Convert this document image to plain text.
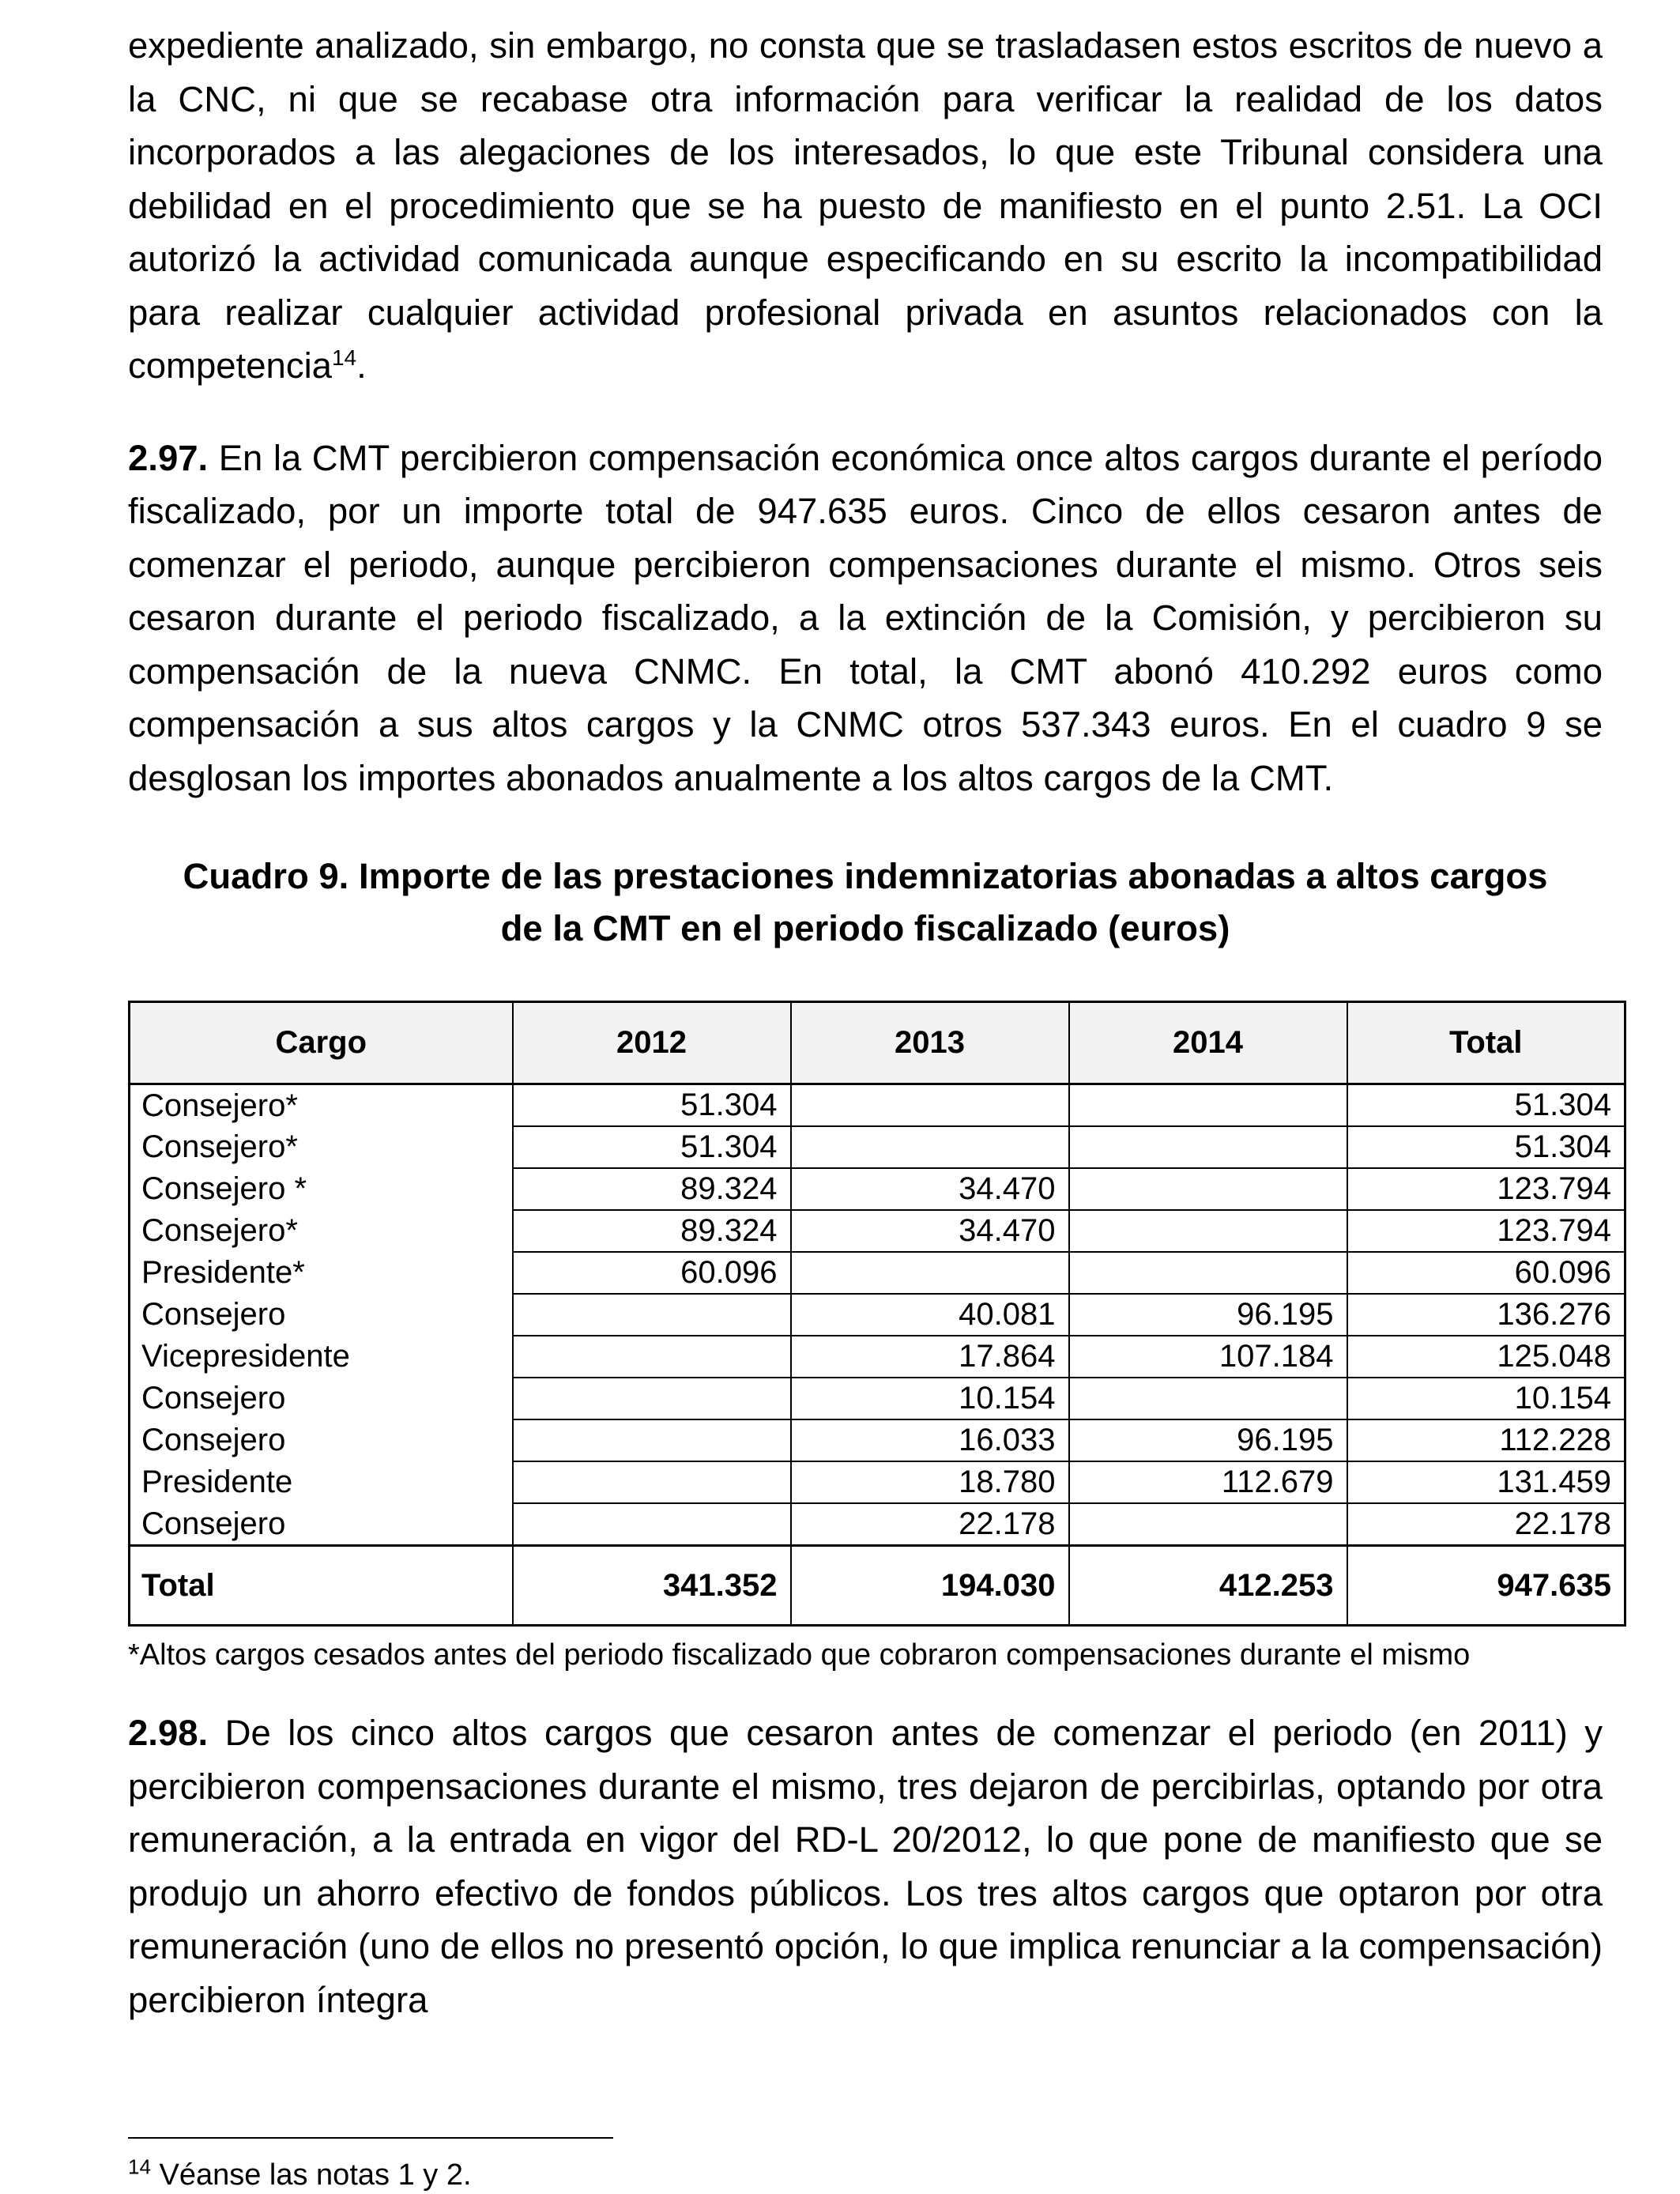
expediente analizado, sin embargo, no consta que se trasladasen estos escritos de nuevo a la CNC, ni que se recabase otra información para verificar la realidad de los datos incorporados a las alegaciones de los interesados, lo que este Tribunal considera una debilidad en el procedimiento que se ha puesto de manifiesto en el punto 2.51. La OCI autorizó la actividad comunicada aunque especificando en su escrito la incompatibilidad para realizar cualquier actividad profesional privada en asuntos relacionados con la competencia$^{14}$.

2.97. En la CMT percibieron compensación económica once altos cargos durante el período fiscalizado, por un importe total de 947.635 euros. Cinco de ellos cesaron antes de comenzar el periodo, aunque percibieron compensaciones durante el mismo. Otros seis cesaron durante el periodo fiscalizado, a la extinción de la Comisión, y percibieron su compensación de la nueva CNMC. En total, la CMT abonó 410.292 euros como compensación a sus altos cargos y la CNMC otros 537.343 euros. En el cuadro 9 se desglosan los importes abonados anualmente a los altos cargos de la CMT.

Cuadro 9. Importe de las prestaciones indemnizatorias abonadas a altos cargos de la CMT en el periodo fiscalizado (euros)
Cargo	2012	2013	2014	Total
Consejero*	51.304			51.304
Consejero*	51.304			51.304
Consejero *	89.324	34.470		123.794
Consejero*	89.324	34.470		123.794
Presidente*	60.096			60.096
Consejero		40.081	96.195	136.276
Vicepresidente		17.864	107.184	125.048
Consejero		10.154		10.154
Consejero		16.033	96.195	112.228
Presidente		18.780	112.679	131.459
Consejero		22.178		22.178
Total	341.352	194.030	412.253	947.635
*Altos cargos cesados antes del periodo fiscalizado que cobraron compensaciones durante el mismo

2.98. De los cinco altos cargos que cesaron antes de comenzar el periodo (en 2011) y percibieron compensaciones durante el mismo, tres dejaron de percibirlas, optando por otra remuneración, a la entrada en vigor del RD-L 20/2012, lo que pone de manifiesto que se produjo un ahorro efectivo de fondos públicos. Los tres altos cargos que optaron por otra remuneración (uno de ellos no presentó opción, lo que implica renunciar a la compensación) percibieron íntegra

$^{14}$ Véanse las notas 1 y 2.
